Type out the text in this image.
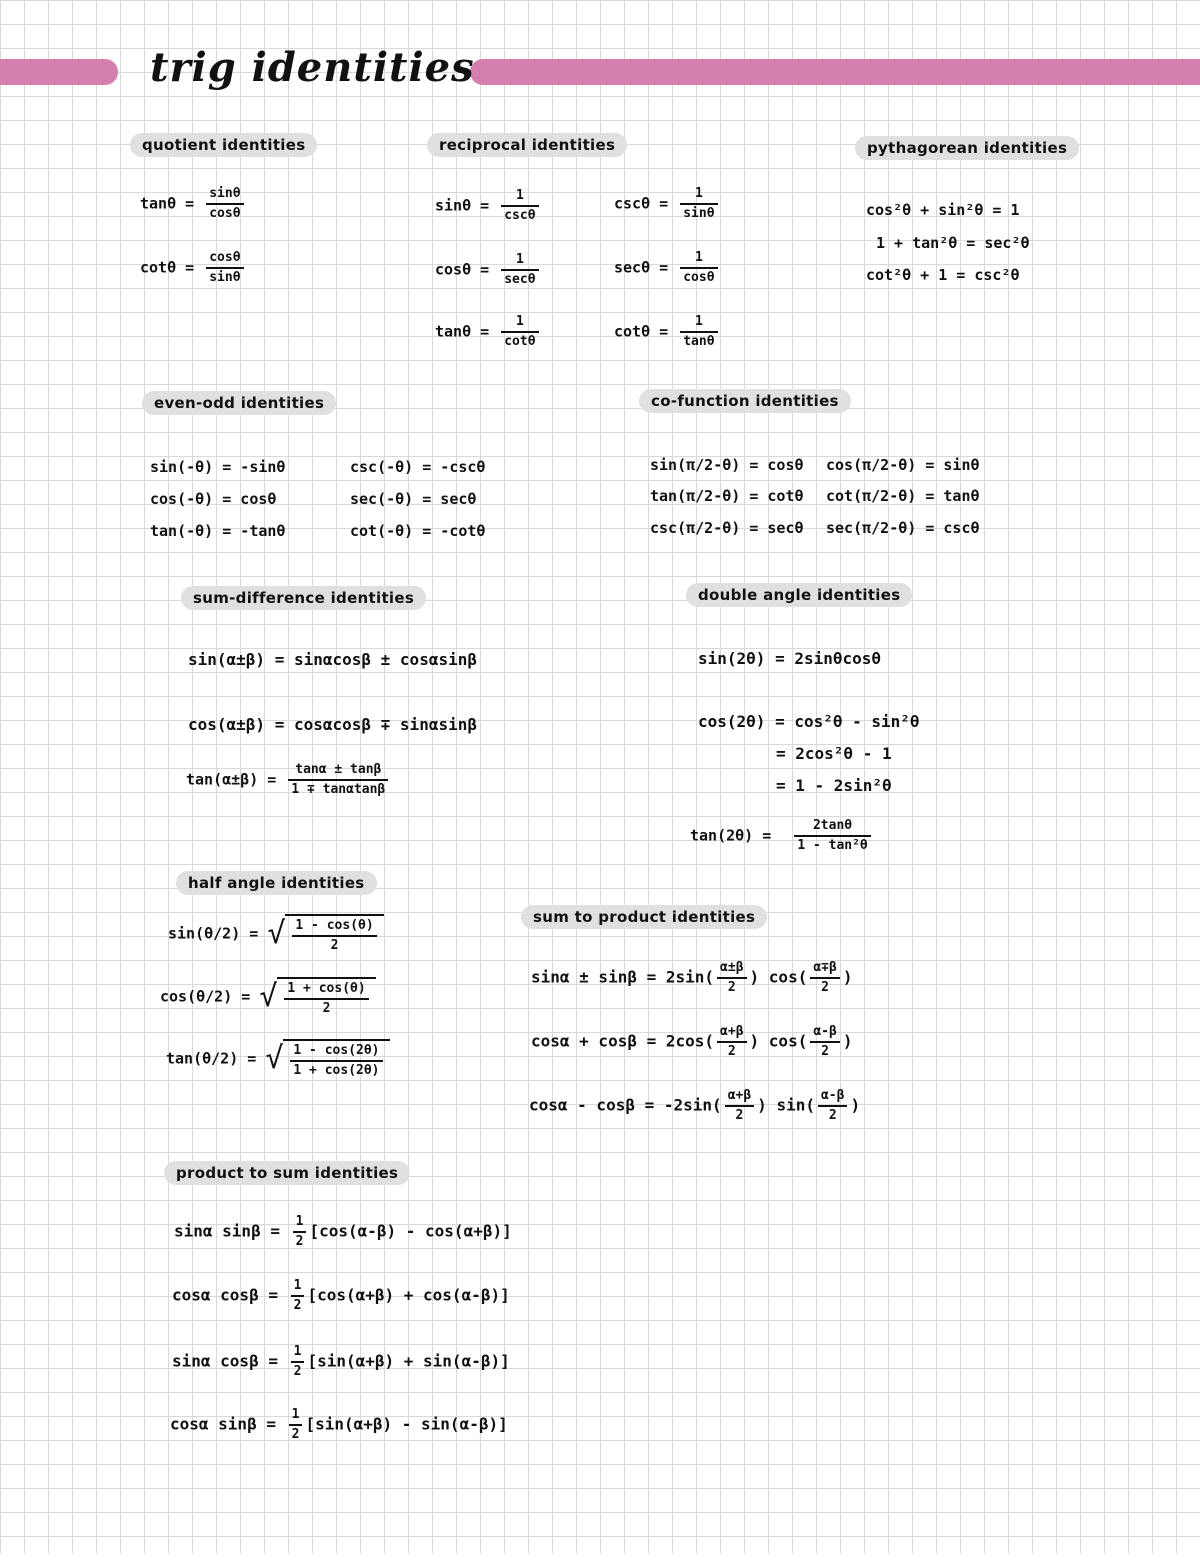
trig identities
quotient identities
$\tan\theta = \frac{\sin\theta}{\cos\theta}$
$\cot\theta = \frac{\cos\theta}{\sin\theta}$
reciprocal identities
sinθ =
1
cscθ
cosθ =
1
secθ
$\tan\theta = \frac{1}{\cot\theta}$
$\csc\theta = \frac{1}{\sin\theta}$
$\sec\theta = \frac{1}{\cos\theta}$
$\cot\theta = \frac{1}{\tan\theta}$
pythagorean identities
cos²θ + sin²θ = 1
1 + tan²θ = sec²θ
cot²θ + 1 = csc²θ
even-odd identities
sin(-θ) = -sinθ
cos(-θ) = cosθ
tan(-θ) = -tanθ
csc(-θ) = -cscθ
sec(-θ) = secθ
cot(-θ) = -cotθ
co-function identities
sin(π/2-θ) = cosθ
tan(π/2-θ) = cotθ
csc(π/2-θ) = secθ
cos(π/2-θ) = sinθ
cot(π/2-θ) = tanθ
sec(π/2-θ) = cscθ
sum-difference identities
sin(α±β) = sinαcosβ ± cosαsinβ
cos(α±β) = cosαcosβ ∓ sinαsinβ
$\tan(\alpha\pm\beta) = \frac{\tan\alpha \pm \tan\beta}{1 \mp \tan\alpha\tan\beta}$
double angle identities
sin(2θ) = 2sinθcosθ
cos(2θ) = cos²θ - sin²θ
= 2cos²θ - 1
= 1 - 2sin²θ
$\tan(2\theta) = \frac{2\tan\theta}{\text{1 - tan²θ}}$
half angle identities
sin(θ/2) = √ $\frac{1 - \cos(\theta)}{2}$
cos(θ/2) = √ $\frac{1 + \cos(\theta)}{2}$
tan(θ/2) = √ $\frac{1 - \cos(2\theta)}{1 + \cos(2\theta)}$
sum to product identities
$\sin\alpha \pm \sin\beta = 2\sin( \frac{\alpha\pm\beta}{2}$ ) $\cos( \frac{\alpha\mp\beta}{2}$ )
$\cos\alpha + \cos\beta = 2\cos( \frac{\alpha+\beta}{2}$ ) $\cos( \frac{\alpha-\beta}{2}$ )
$\cos\alpha - \cos\beta = -2\sin( \frac{\alpha+\beta}{2}$ ) $\sin( \frac{\alpha-\beta}{2}$ )
product to sum identities
sinα $\sin\beta = \frac{1}{2} [\cos(\alpha-\beta) - \cos(\alpha+\beta)]$
cosα $\cos\beta = \frac{1}{2} [\cos(\alpha+\beta) + \cos(\alpha-\beta)]$
sinα $\cos\beta = \frac{1}{2} [\sin(\alpha+\beta) + \sin(\alpha-\beta)]$
cosα $\sin\beta = \frac{1}{2} [\sin(\alpha+\beta) - \sin(\alpha-\beta)]$
